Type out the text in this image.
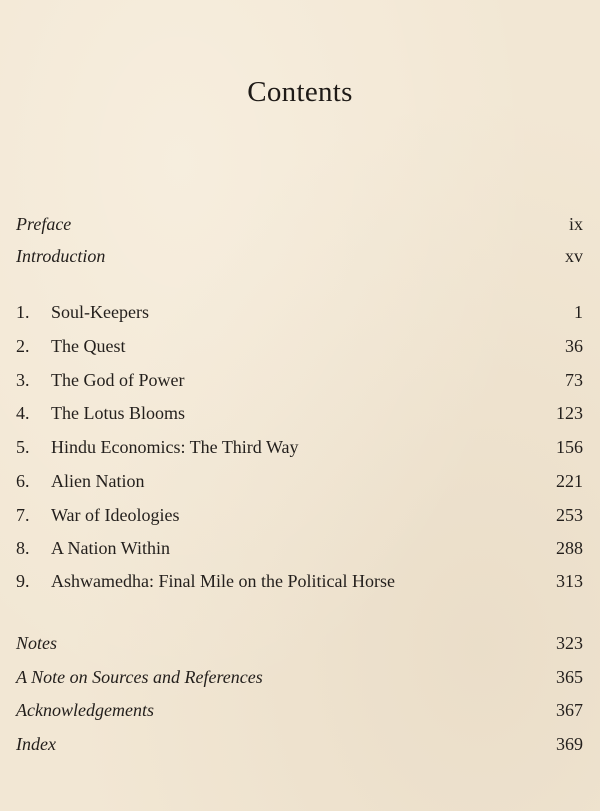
Contents
Preface	ix
Introduction	xv
1. Soul-Keepers	1
2. The Quest	36
3. The God of Power	73
4. The Lotus Blooms	123
5. Hindu Economics: The Third Way	156
6. Alien Nation	221
7. War of Ideologies	253
8. A Nation Within	288
9. Ashwamedha: Final Mile on the Political Horse	313
Notes	323
A Note on Sources and References	365
Acknowledgements	367
Index	369
